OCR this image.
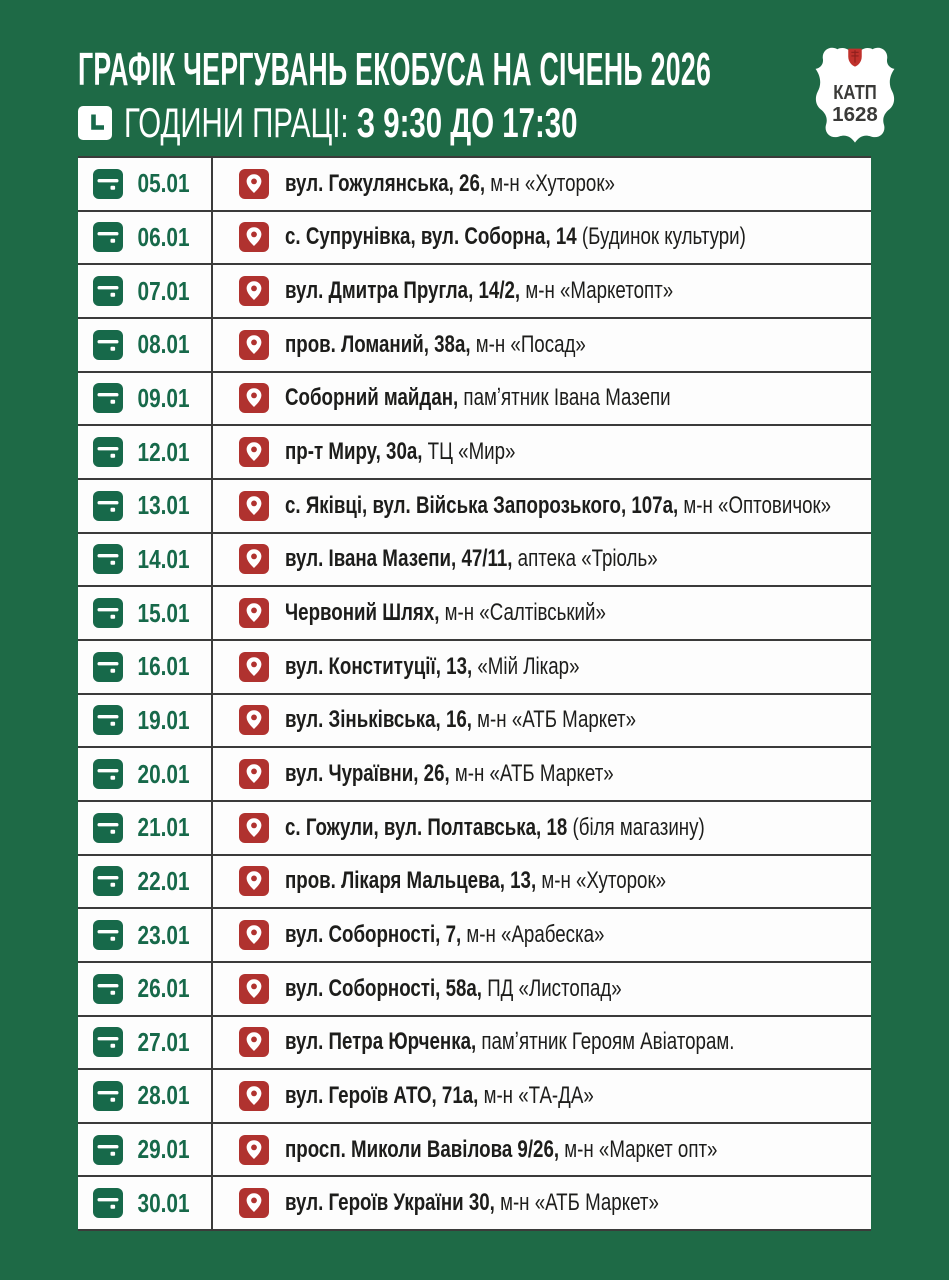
ГРАФІК ЧЕРГУВАНЬ ЕКОБУСА НА СІЧЕНЬ 2026
ГОДИНИ ПРАЦІ: З 9:30 ДО 17:30
КАТП
1628
05.01	вул. Гожулянська, 26, м-н «Хуторок»
06.01	с. Супрунівка, вул. Соборна, 14 (Будинок культури)
07.01	вул. Дмитра Пругла, 14/2, м-н «Маркетопт»
08.01	пров. Ломаний, 38а, м-н «Посад»
09.01	Соборний майдан, памʼятник Івана Мазепи
12.01	пр-т Миру, 30а, ТЦ «Мир»
13.01	с. Яківці, вул. Війська Запорозького, 107а, м-н «Оптовичок»
14.01	вул. Івана Мазепи, 47/11, аптека «Тріоль»
15.01	Червоний Шлях, м-н «Салтівський»
16.01	вул. Конституції, 13, «Мій Лікар»
19.01	вул. Зіньківська, 16, м-н «АТБ Маркет»
20.01	вул. Чураївни, 26, м-н «АТБ Маркет»
21.01	с. Гожули, вул. Полтавська, 18 (біля магазину)
22.01	пров. Лікаря Мальцева, 13, м-н «Хуторок»
23.01	вул. Соборності, 7, м-н «Арабеска»
26.01	вул. Соборності, 58а, ПД «Листопад»
27.01	вул. Петра Юрченка, памʼятник Героям Авіаторам.
28.01	вул. Героїв АТО, 71а, м-н «ТА-ДА»
29.01	просп. Миколи Вавілова 9/26, м-н «Маркет опт»
30.01	вул. Героїв України 30, м-н «АТБ Маркет»
